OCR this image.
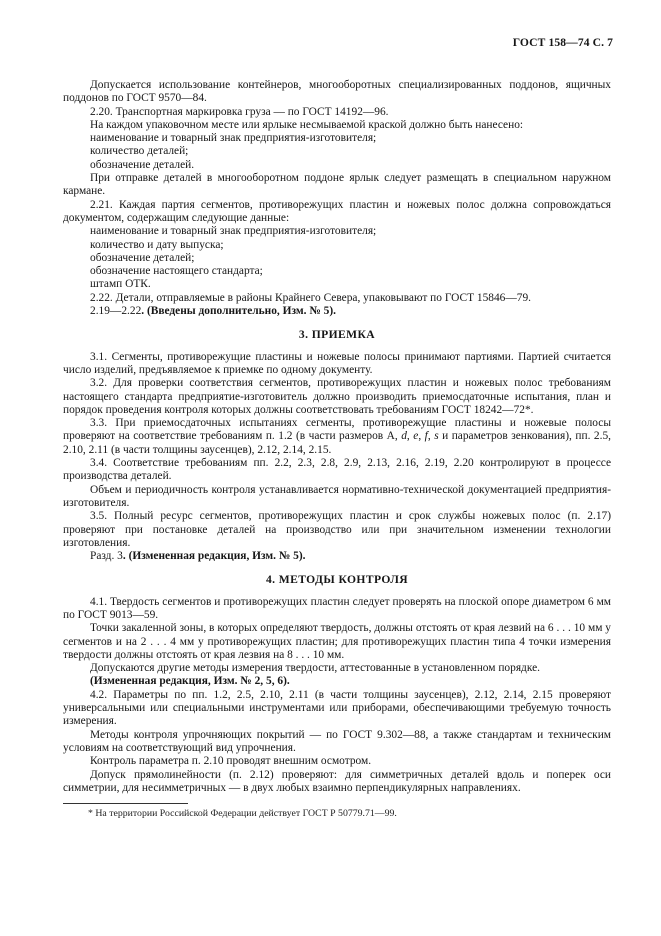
ГОСТ 158—74 С. 7

Допускается использование контейнеров, многооборотных специализированных поддонов, ящичных поддонов по ГОСТ 9570—84.

2.20. Транспортная маркировка груза — по ГОСТ 14192—96.

На каждом упаковочном месте или ярлыке несмываемой краской должно быть нанесено:

наименование и товарный знак предприятия-изготовителя;

количество деталей;

обозначение деталей.

При отправке деталей в многооборотном поддоне ярлык следует размещать в специальном наружном кармане.

2.21. Каждая партия сегментов, противорежущих пластин и ножевых полос должна сопровождаться документом, содержащим следующие данные:

наименование и товарный знак предприятия-изготовителя;

количество и дату выпуска;

обозначение деталей;

обозначение настоящего стандарта;

штамп ОТК.

2.22. Детали, отправляемые в районы Крайнего Севера, упаковывают по ГОСТ 15846—79.

2.19—2.22. (Введены дополнительно, Изм. № 5).

3. ПРИЕМКА

3.1. Сегменты, противорежущие пластины и ножевые полосы принимают партиями. Партией считается число изделий, предъявляемое к приемке по одному документу.

3.2. Для проверки соответствия сегментов, противорежущих пластин и ножевых полос требованиям настоящего стандарта предприятие-изготовитель должно производить приемосдаточные испытания, план и порядок проведения контроля которых должны соответствовать требованиям ГОСТ 18242—72*.

3.3. При приемосдаточных испытаниях сегменты, противорежущие пластины и ножевые полосы проверяют на соответствие требованиям п. 1.2 (в части размеров А, d, e, f, s и параметров зенкования), пп. 2.5, 2.10, 2.11 (в части толщины заусенцев), 2.12, 2.14, 2.15.

3.4. Соответствие требованиям пп. 2.2, 2.3, 2.8, 2.9, 2.13, 2.16, 2.19, 2.20 контролируют в процессе производства деталей.

Объем и периодичность контроля устанавливается нормативно-технической документацией предприятия-изготовителя.

3.5. Полный ресурс сегментов, противорежущих пластин и срок службы ножевых полос (п. 2.17) проверяют при постановке деталей на производство или при значительном изменении технологии изготовления.

Разд. 3. (Измененная редакция, Изм. № 5).

4. МЕТОДЫ КОНТРОЛЯ

4.1. Твердость сегментов и противорежущих пластин следует проверять на плоской опоре диаметром 6 мм по ГОСТ 9013—59.

Точки закаленной зоны, в которых определяют твердость, должны отстоять от края лезвий на 6 . . . 10 мм у сегментов и на 2 . . . 4 мм у противорежущих пластин; для противорежущих пластин типа 4 точки измерения твердости должны отстоять от края лезвия на 8 . . . 10 мм.

Допускаются другие методы измерения твердости, аттестованные в установленном порядке.

(Измененная редакция, Изм. № 2, 5, 6).

4.2. Параметры по пп. 1.2, 2.5, 2.10, 2.11 (в части толщины заусенцев), 2.12, 2.14, 2.15 проверяют универсальными или специальными инструментами или приборами, обеспечивающими требуемую точность измерения.

Методы контроля упрочняющих покрытий — по ГОСТ 9.302—88, а также стандартам и техническим условиям на соответствующий вид упрочнения.

Контроль параметра п. 2.10 проводят внешним осмотром.

Допуск прямолинейности (п. 2.12) проверяют: для симметричных деталей вдоль и поперек оси симметрии, для несимметричных — в двух любых взаимно перпендикулярных направлениях.

* На территории Российской Федерации действует ГОСТ Р 50779.71—99.
